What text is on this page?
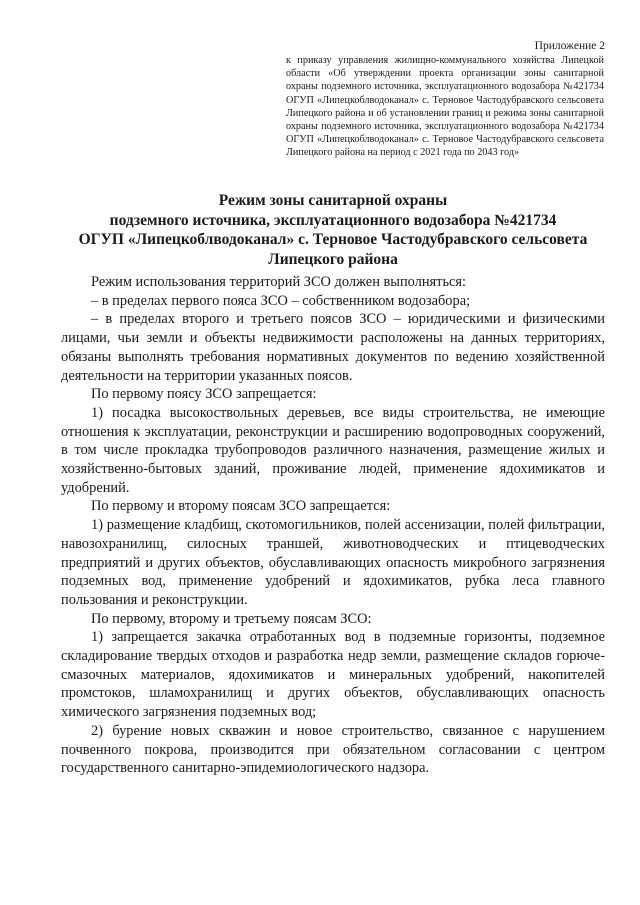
Приложение 2
к приказу управления жилищно-коммунального хозяйства Липецкой области «Об утверждении проекта организации зоны санитарной охраны подземного источника, эксплуатационного водозабора №421734 ОГУП «Липецкоблводоканал» с. Терновое Частодубравского сельсовета Липецкого района и об установлении границ и режима зоны санитарной охраны подземного источника, эксплуатационного водозабора №421734 ОГУП «Липецкоблводоканал» с. Терновое Частодубравского сельсовета Липецкого района на период с 2021 года по 2043 год»
Режим зоны санитарной охраны
подземного источника, эксплуатационного водозабора №421734
ОГУП «Липецкоблводоканал» с. Терновое Частодубравского сельсовета
Липецкого района

Режим использования территорий ЗСО должен выполняться:

– в пределах первого пояса ЗСО – собственником водозабора;

– в пределах второго и третьего поясов ЗСО – юридическими и физическими лицами, чьи земли и объекты недвижимости расположены на данных территориях, обязаны выполнять требования нормативных документов по ведению хозяйственной деятельности на территории указанных поясов.

По первому поясу ЗСО запрещается:

1) посадка высокоствольных деревьев, все виды строительства, не имеющие отношения к эксплуатации, реконструкции и расширению водопроводных сооружений, в том числе прокладка трубопроводов различного назначения, размещение жилых и хозяйственно-бытовых зданий, проживание людей, применение ядохимикатов и удобрений.

По первому и второму поясам ЗСО запрещается:

1) размещение кладбищ, скотомогильников, полей ассенизации, полей фильтрации, навозохранилищ, силосных траншей, животноводческих и птицеводческих предприятий и других объектов, обуславливающих опасность микробного загрязнения подземных вод, применение удобрений и ядохимикатов, рубка леса главного пользования и реконструкции.

По первому, второму и третьему поясам ЗСО:

1) запрещается закачка отработанных вод в подземные горизонты, подземное складирование твердых отходов и разработка недр земли, размещение складов горюче-смазочных материалов, ядохимикатов и минеральных удобрений, накопителей промстоков, шламохранилищ и других объектов, обуславливающих опасность химического загрязнения подземных вод;

2) бурение новых скважин и новое строительство, связанное с нарушением почвенного покрова, производится при обязательном согласовании с центром государственного санитарно-эпидемиологического надзора.
